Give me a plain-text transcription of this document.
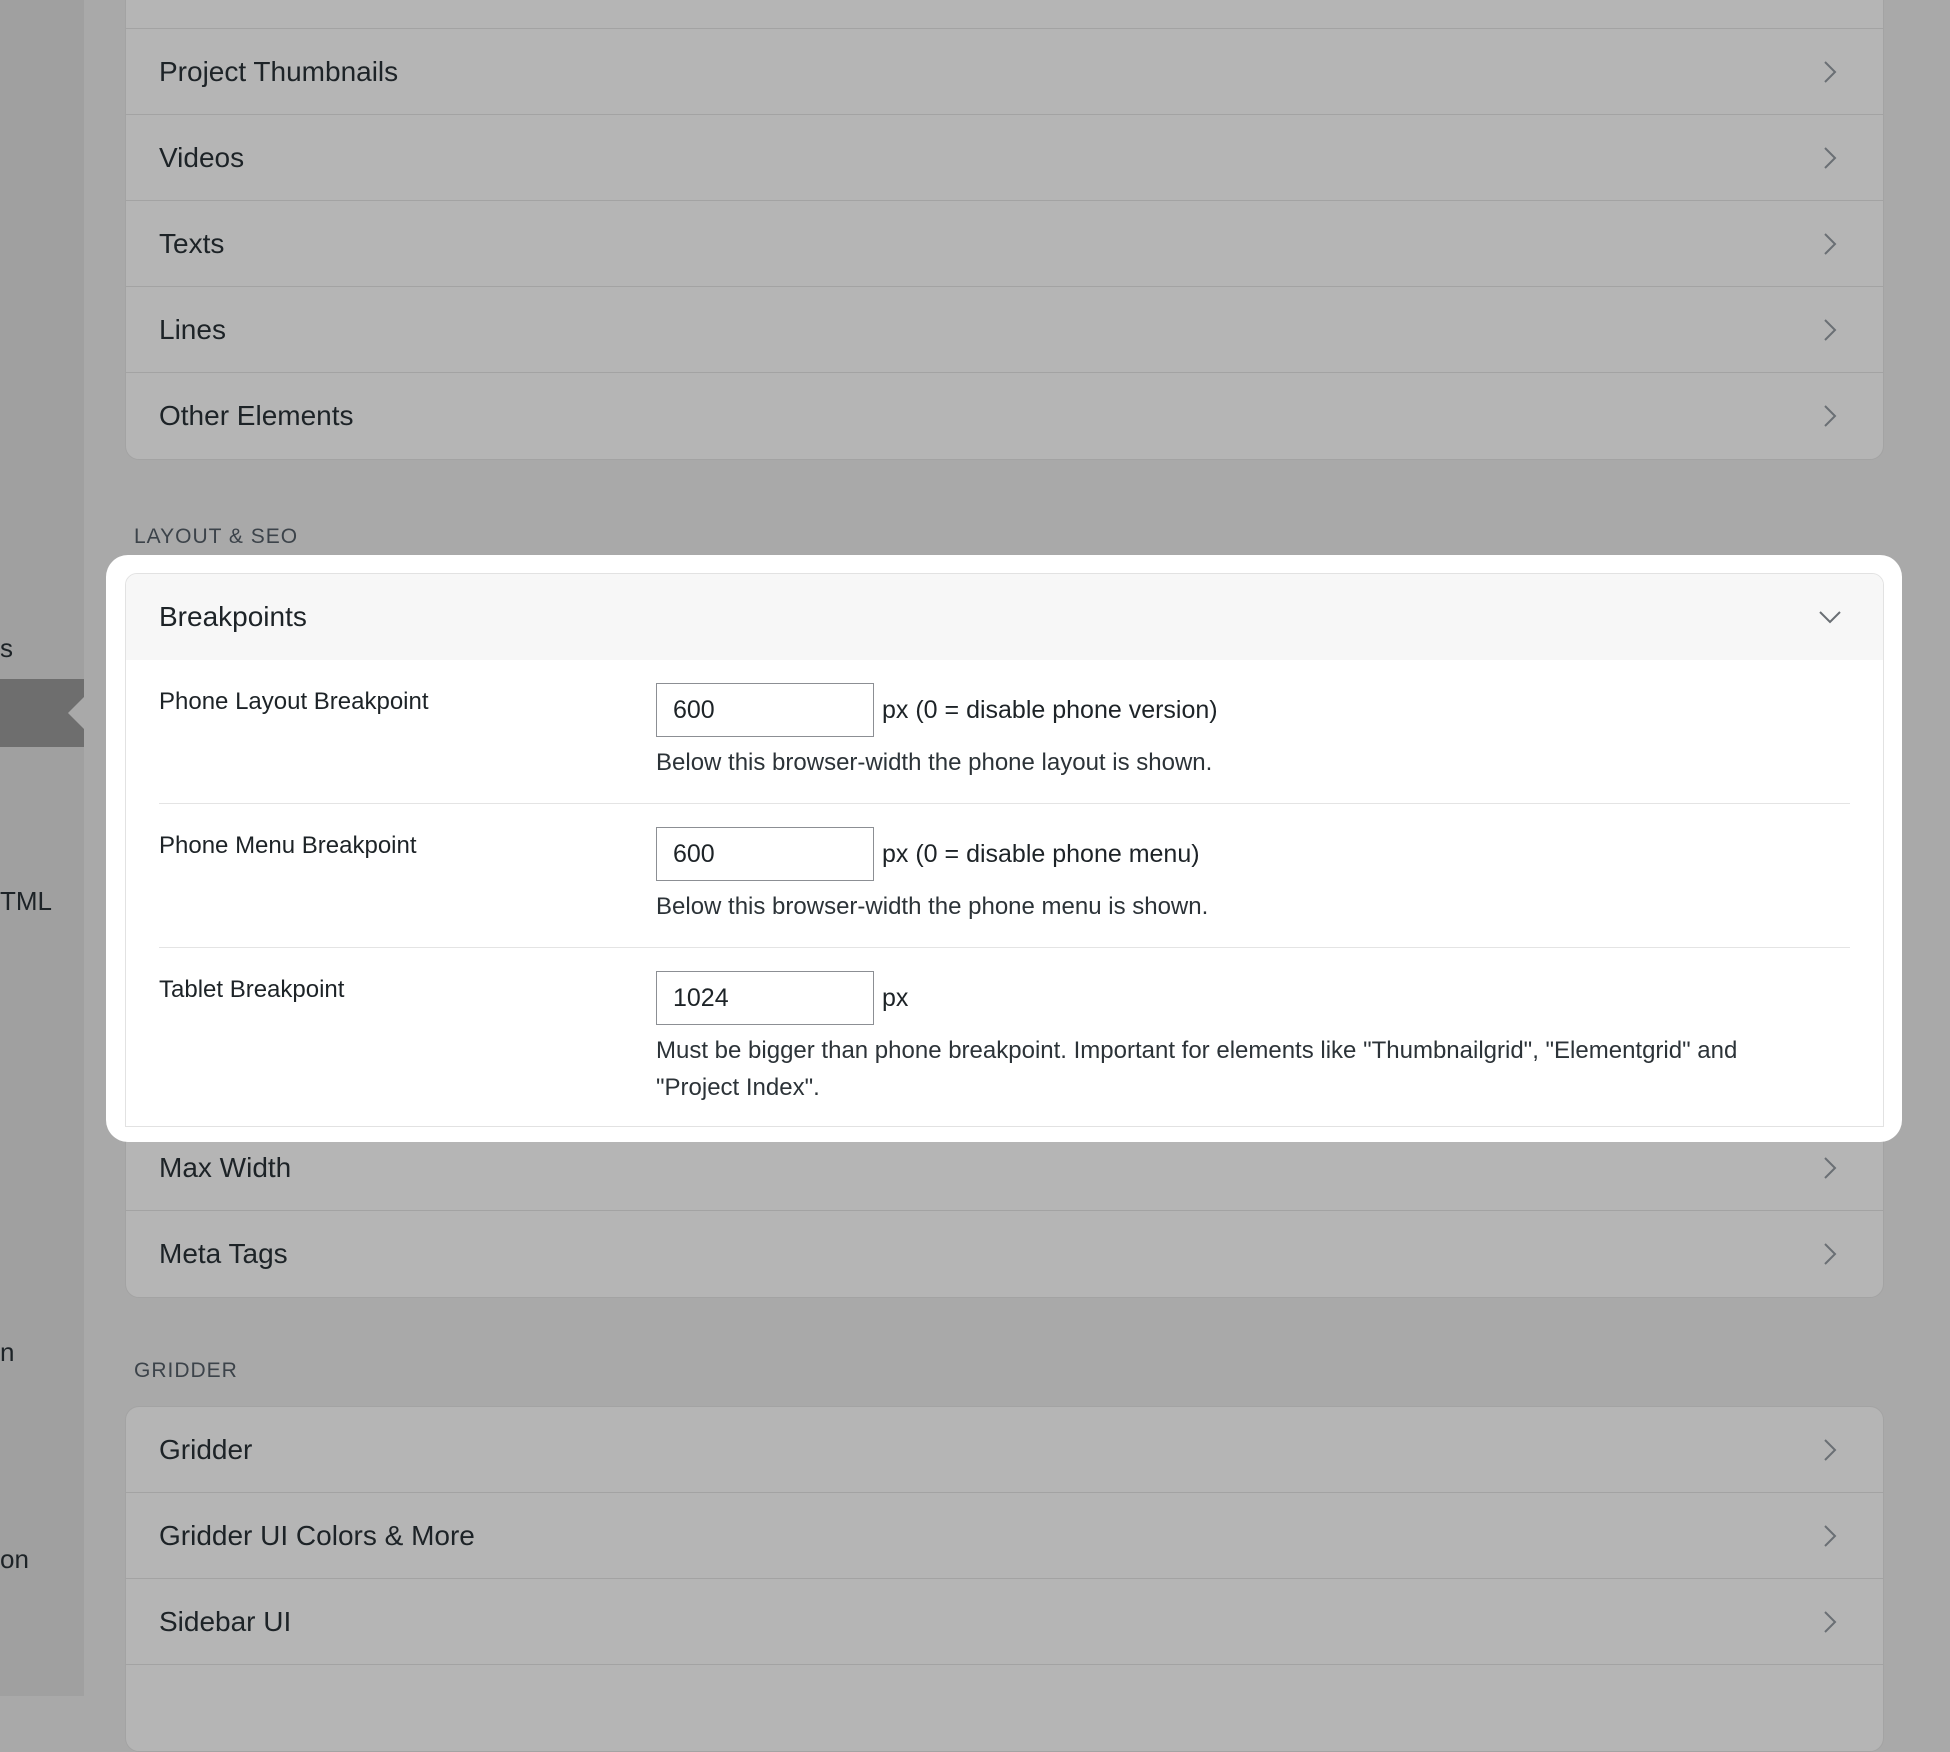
s
TML
n
on
Project Thumbnails
Videos
Texts
Lines
Other Elements
LAYOUT & SEO
Max Width
Meta Tags
Breakpoints
Phone Layout Breakpoint
600	px (0 = disable phone version)
Below this browser-width the phone layout is shown.
Phone Menu Breakpoint
600	px (0 = disable phone menu)
Below this browser-width the phone menu is shown.
Tablet Breakpoint
1024	px
Must be bigger than phone breakpoint. Important for elements like "Thumbnailgrid", "Elementgrid" and "Project Index".
GRIDDER
Gridder
Gridder UI Colors & More
Sidebar UI
